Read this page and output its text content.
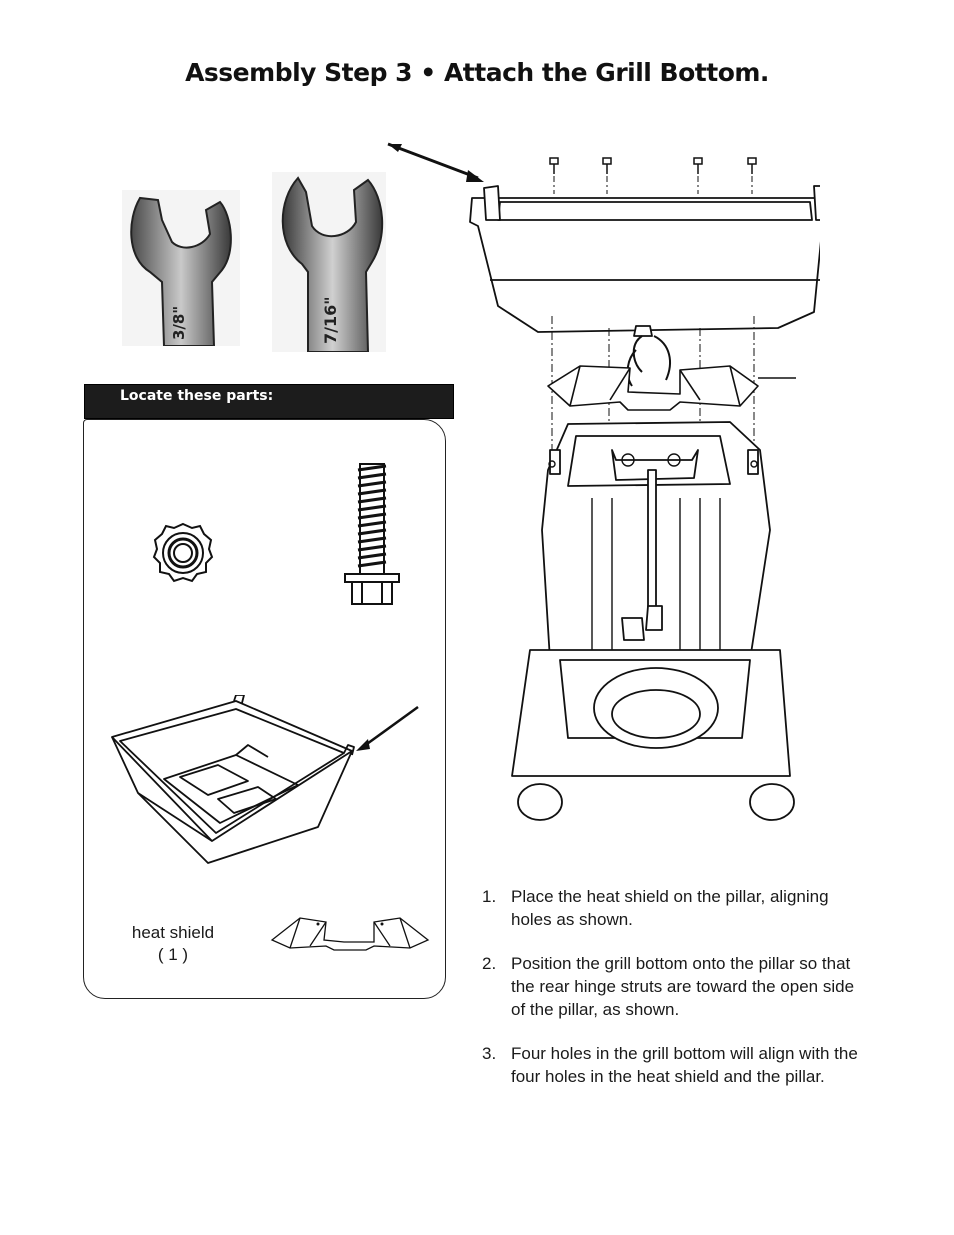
Assembly Step 3 • Attach the Grill Bottom.
3/8"	7/16"
Locate these parts:
heat shield
( 1 )
1. Place the heat shield on the pillar, aligning holes as shown.
2. Position the grill bottom onto the pillar so that the rear hinge struts are toward the open side of the pillar, as shown.
3. Four holes in the grill bottom will align with the four holes in the heat shield and the pillar.
